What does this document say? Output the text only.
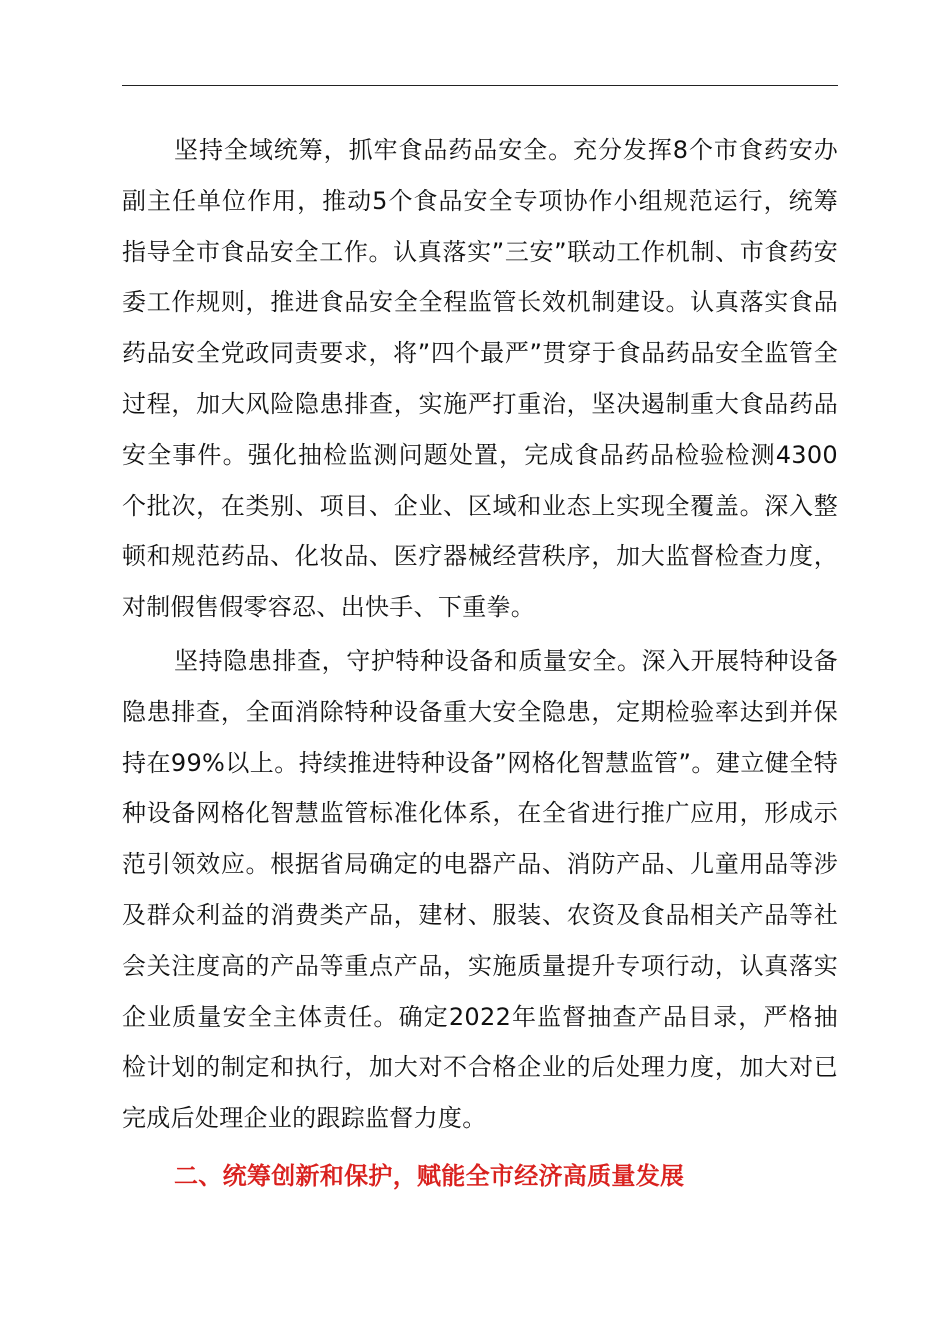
坚持全域统筹，抓牢食品药品安全。充分发挥8个市食药安办副主任单位作用，推动5个食品安全专项协作小组规范运行，统筹指导全市食品安全工作。认真落实”三安”联动工作机制、市食药安委工作规则，推进食品安全全程监管长效机制建设。认真落实食品药品安全党政同责要求，将”四个最严”贯穿于食品药品安全监管全过程，加大风险隐患排查，实施严打重治，坚决遏制重大食品药品安全事件。强化抽检监测问题处置，完成食品药品检验检测4300个批次，在类别、项目、企业、区域和业态上实现全覆盖。深入整顿和规范药品、化妆品、医疗器械经营秩序，加大监督检查力度，对制假售假零容忍、出快手、下重拳。

坚持隐患排查，守护特种设备和质量安全。深入开展特种设备隐患排查，全面消除特种设备重大安全隐患，定期检验率达到并保持在99%以上。持续推进特种设备”网格化智慧监管”。建立健全特种设备网格化智慧监管标准化体系，在全省进行推广应用，形成示范引领效应。根据省局确定的电器产品、消防产品、儿童用品等涉及群众利益的消费类产品，建材、服装、农资及食品相关产品等社会关注度高的产品等重点产品，实施质量提升专项行动，认真落实企业质量安全主体责任。确定2022年监督抽查产品目录，严格抽检计划的制定和执行，加大对不合格企业的后处理力度，加大对已完成后处理企业的跟踪监督力度。

二、统筹创新和保护，赋能全市经济高质量发展
